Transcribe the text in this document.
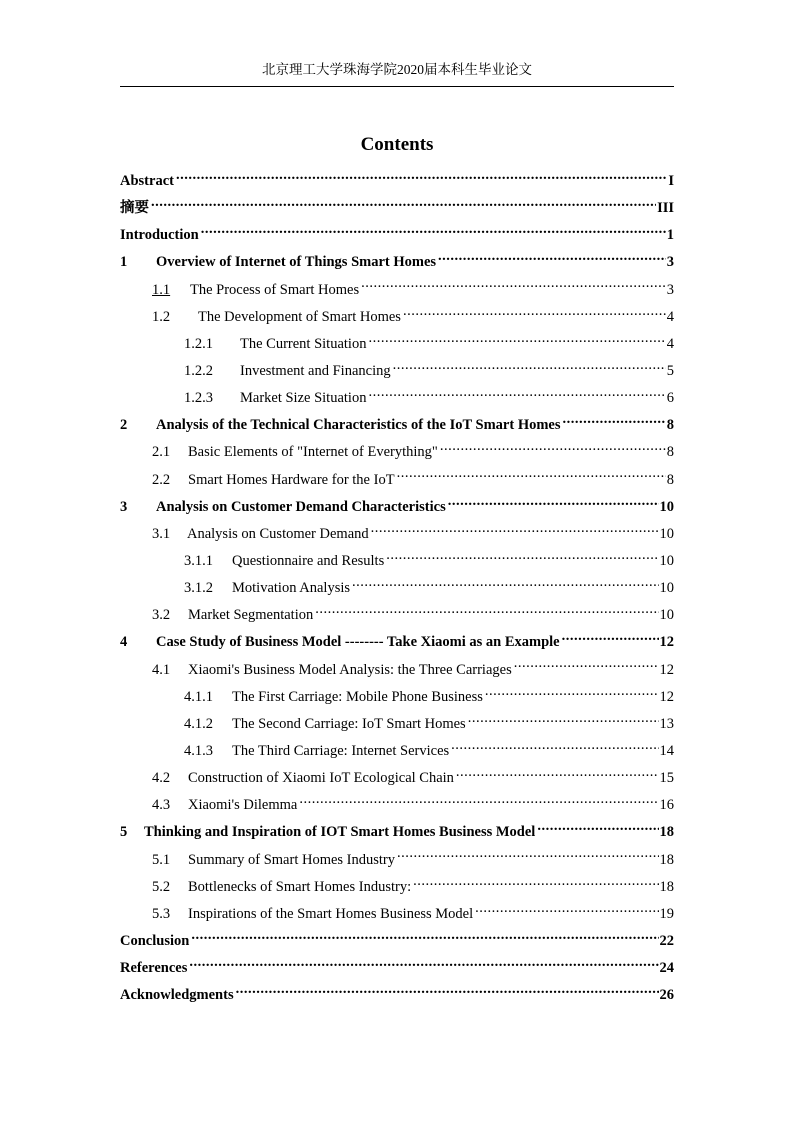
北京理工大学珠海学院2020届本科生毕业论文
Contents
Abstract .....	I
摘要 .....	III
Introduction .....	1
1	Overview of Internet of Things Smart Homes .....	3
1.1	The Process of Smart Homes .....	3
1.2	The Development of Smart Homes .....	4
1.2.1	The Current Situation .....	4
1.2.2	Investment and Financing .....	5
1.2.3	Market Size Situation .....	6
2	Analysis of the Technical Characteristics of the IoT Smart Homes .....	8
2.1	Basic Elements of "Internet of Everything" .....	8
2.2	Smart Homes Hardware for the IoT .....	8
3	Analysis on Customer Demand Characteristics .....	10
3.1	Analysis on Customer Demand .....	10
3.1.1	Questionnaire and Results .....	10
3.1.2	Motivation Analysis .....	10
3.2	Market Segmentation .....	10
4	Case Study of Business Model -------- Take Xiaomi as an Example .....	12
4.1	Xiaomi's Business Model Analysis: the Three Carriages .....	12
4.1.1	The First Carriage: Mobile Phone Business .....	12
4.1.2	The Second Carriage: IoT Smart Homes .....	13
4.1.3	The Third Carriage: Internet Services .....	14
4.2	Construction of Xiaomi IoT Ecological Chain .....	15
4.3	Xiaomi's Dilemma .....	16
5	Thinking and Inspiration of IOT Smart Homes Business Model .....	18
5.1	Summary of Smart Homes Industry .....	18
5.2	Bottlenecks of Smart Homes Industry: .....	18
5.3	Inspirations of the Smart Homes Business Model .....	19
Conclusion .....	22
References .....	24
Acknowledgments .....	26
